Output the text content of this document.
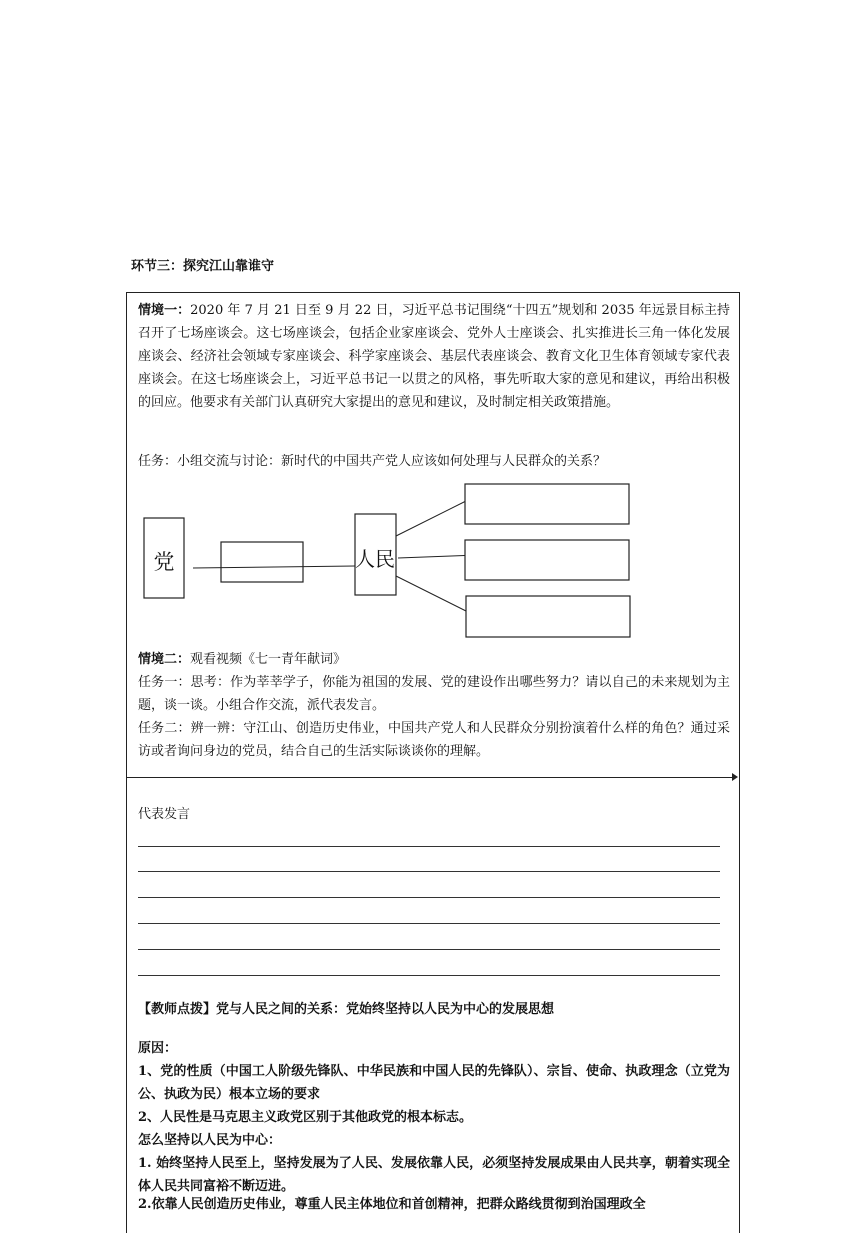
环节三：探究江山靠谁守
情境一：2020 年 7 月 21 日至 9 月 22 日，习近平总书记围绕“十四五”规划和 2035 年远景目标主持召开了七场座谈会。这七场座谈会，包括企业家座谈会、党外人士座谈会、扎实推进长三角一体化发展座谈会、经济社会领域专家座谈会、科学家座谈会、基层代表座谈会、教育文化卫生体育领域专家代表座谈会。在这七场座谈会上，习近平总书记一以贯之的风格，事先听取大家的意见和建议，再给出积极的回应。他要求有关部门认真研究大家提出的意见和建议，及时制定相关政策措施。
任务：小组交流与讨论：新时代的中国共产党人应该如何处理与人民群众的关系？
党	人民
情境二：观看视频《七一青年献词》
任务一：思考：作为莘莘学子，你能为祖国的发展、党的建设作出哪些努力？请以自己的未来规划为主题，谈一谈。小组合作交流，派代表发言。
任务二：辨一辨：守江山、创造历史伟业，中国共产党人和人民群众分别扮演着什么样的角色？通过采访或者询问身边的党员，结合自己的生活实际谈谈你的理解。
代表发言
【教师点拨】党与人民之间的关系：党始终坚持以人民为中心的发展思想
原因：
1、党的性质（中国工人阶级先锋队、中华民族和中国人民的先锋队）、宗旨、使命、执政理念（立党为公、执政为民）根本立场的要求
2、人民性是马克思主义政党区别于其他政党的根本标志。
怎么坚持以人民为中心：
1. 始终坚持人民至上，坚持发展为了人民、发展依靠人民，必须坚持发展成果由人民共享，朝着实现全体人民共同富裕不断迈进。
2.依靠人民创造历史伟业，尊重人民主体地位和首创精神，把群众路线贯彻到治国理政全
